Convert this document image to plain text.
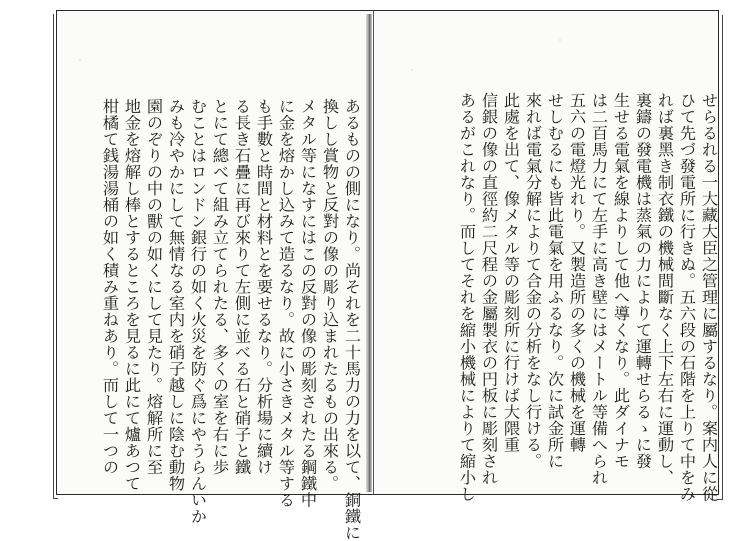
せらるれる一大藏大臣之管理に屬するなり。案内人に從
ひて先づ發電所に行きぬ。五六段の石階を上りて中をみ
れば裏黑き制衣鐵の機械間斷なく上下左右に運動し、
裏鑄の發電機は蒸氣の力によりて運轉せらるゝに發
生せる電氣を線よりして他へ導くなり。此ダイナモ
は二百馬力にて左手に高き壁にはメートル等備へられ
五六の電燈光れり。又製造所の多くの機械を運轉
せしむるにも皆此電氣を用ふるなり。次に試金所に
來れば電氣分解によりて合金の分析をなし行ける。
此處を出て、像メタル等の彫刻所に行けば大隈重
信銀の像の直徑約二尺程の金屬製衣の円板に彫刻され
あるがこれなり。而してそれを縮小機械によりて縮小し
あるものの側になり。尚それを二十馬力の力を以て、銅鐵に
換しし賞物と反對の像の彫り込まれたるもの出來る。
メタル等になすにはこの反對の像の彫刻されたる鋼鐵中
に金を熔かし込みて造るなり。故に小さきメタル等する
も手數と時間と材料とを要せるなり。分析場に續け
る長き石疊に再び來りて左側に並べる石と硝子と鐵
とにて總べて組み立てられたる、多くの室を右に歩
むことはロンドン銀行の如く火災を防ぐ爲にやうらんいか
みも冷やかにして無情なる室内を硝子越しに陰む動物
園のぞりの中の獸の如くにして見たり。熔解所に至
地金を熔解し棒とするところを見るに此にて爐あつて
柑橘て銭湯湯桶の如く積み重ねあり。而して一つの
